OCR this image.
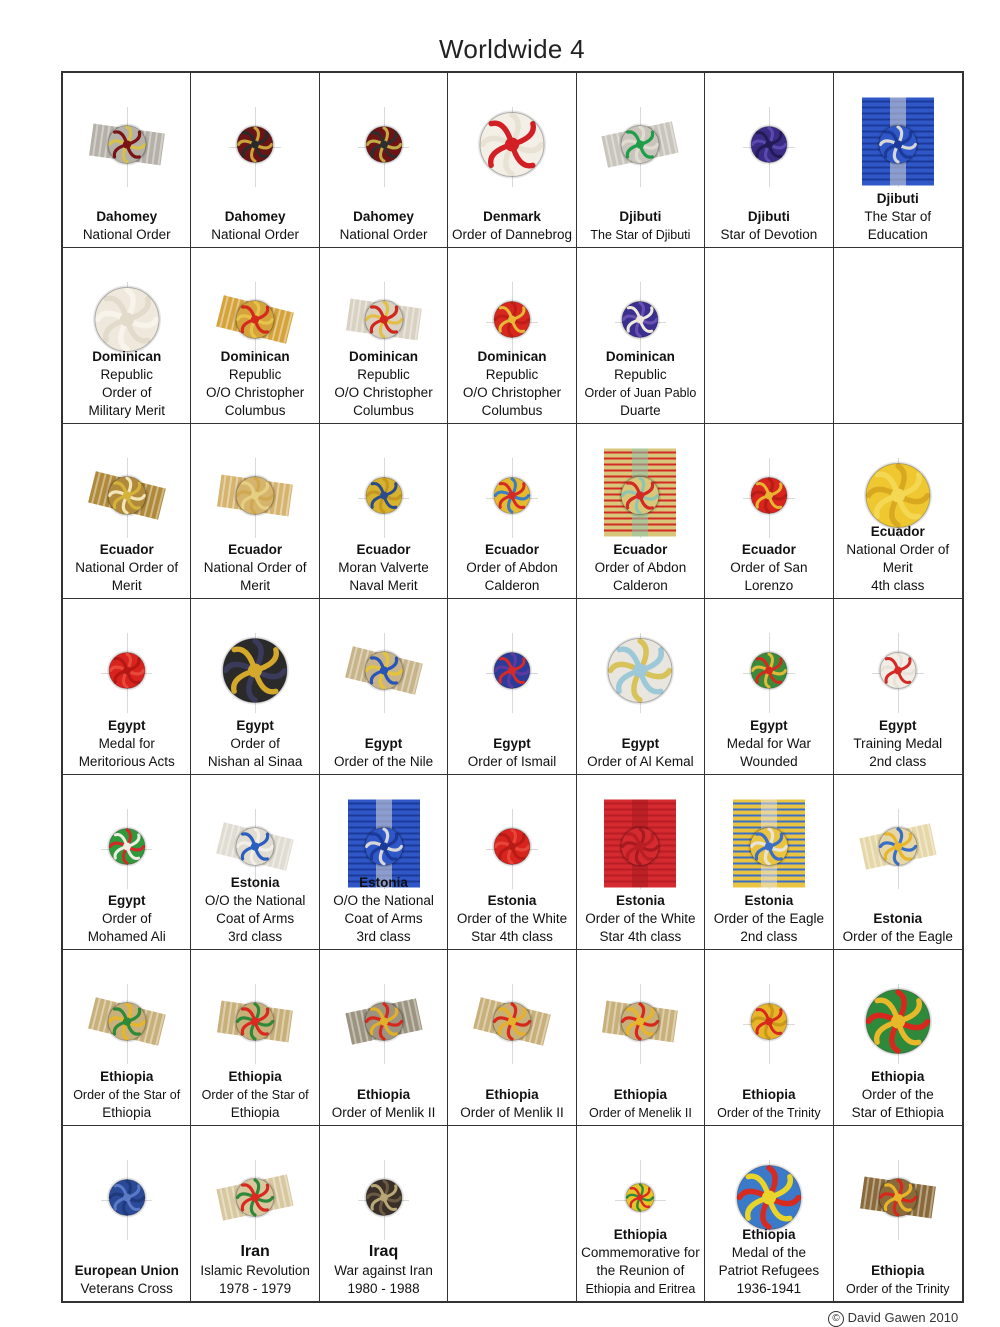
Worldwide 4
Dahomey
National Order
Dahomey
National Order
Dahomey
National Order
Denmark
Order of Dannebrog
Djibuti
The Star of Djibuti
Djibuti
Star of Devotion
Djibuti
The Star of
Education
Dominican
Republic
Order of
Military Merit
Dominican
Republic
O/O Christopher
Columbus
Dominican
Republic
O/O Christopher
Columbus
Dominican
Republic
O/O Christopher
Columbus
Dominican
Republic
Order of Juan Pablo
Duarte
Ecuador
National Order of
Merit
Ecuador
National Order of
Merit
Ecuador
Moran Valverte
Naval Merit
Ecuador
Order of Abdon
Calderon
Ecuador
Order of Abdon
Calderon
Ecuador
Order of San
Lorenzo
Ecuador
National Order of
Merit
4th class
Egypt
Medal for
Meritorious Acts
Egypt
Order of
Nishan al Sinaa
Egypt
Order of the Nile
Egypt
Order of Ismail
Egypt
Order of Al Kemal
Egypt
Medal for War
Wounded
Egypt
Training Medal
2nd class
Egypt
Order of
Mohamed Ali
Estonia
O/O the National
Coat of Arms
3rd class
Estonia
O/O the National
Coat of Arms
3rd class
Estonia
Order of the White
Star 4th class
Estonia
Order of the White
Star 4th class
Estonia
Order of the Eagle
2nd class
Estonia
Order of the Eagle
Ethiopia
Order of the Star of
Ethiopia
Ethiopia
Order of the Star of
Ethiopia
Ethiopia
Order of Menlik II
Ethiopia
Order of Menlik II
Ethiopia
Order of Menelik II
Ethiopia
Order of the Trinity
Ethiopia
Order of the
Star of Ethiopia
European Union
Veterans Cross
Iran
Islamic Revolution
1978 - 1979
Iraq
War against Iran
1980 - 1988
Ethiopia
Commemorative for
the Reunion of
Ethiopia and Eritrea
Ethiopia
Medal of the
Patriot Refugees
1936-1941
Ethiopia
Order of the Trinity
© David Gawen 2010
